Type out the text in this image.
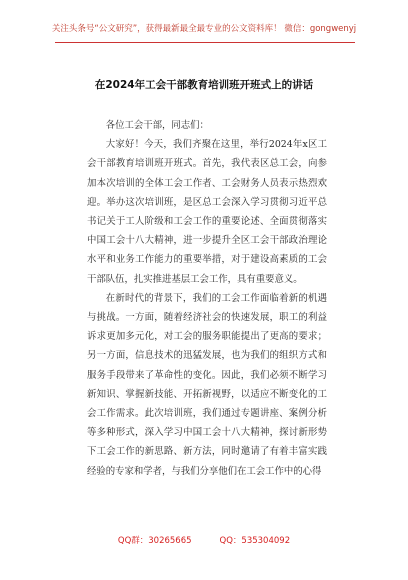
关注头条号“公文研究”，获得最新最全最专业的公文资料库！ 微信：gongwenyj
在2024年工会干部教育培训班开班式上的讲话

各位工会干部，同志们：

大家好！今天，我们齐聚在这里，举行2024年x区工会干部教育培训班开班式。首先，我代表区总工会，向参加本次培训的全体工会工作者、工会财务人员表示热烈欢迎。举办这次培训班，是区总工会深入学习贯彻习近平总书记关于工人阶级和工会工作的重要论述、全面贯彻落实中国工会十八大精神，进一步提升全区工会干部政治理论水平和业务工作能力的重要举措，对于建设高素质的工会干部队伍，扎实推进基层工会工作，具有重要意义。

在新时代的背景下，我们的工会工作面临着新的机遇与挑战。一方面，随着经济社会的快速发展，职工的利益诉求更加多元化，对工会的服务职能提出了更高的要求；另一方面，信息技术的迅猛发展，也为我们的组织方式和服务手段带来了革命性的变化。因此，我们必须不断学习新知识、掌握新技能、开拓新视野，以适应不断变化的工会工作需求。此次培训班，我们通过专题讲座、案例分析等多种形式，深入学习中国工会十八大精神，探讨新形势下工会工作的新思路、新方法，同时邀请了有着丰富实践经验的专家和学者，与我们分享他们在工会工作中的心得

QQ群：30265665	QQ：535304092
